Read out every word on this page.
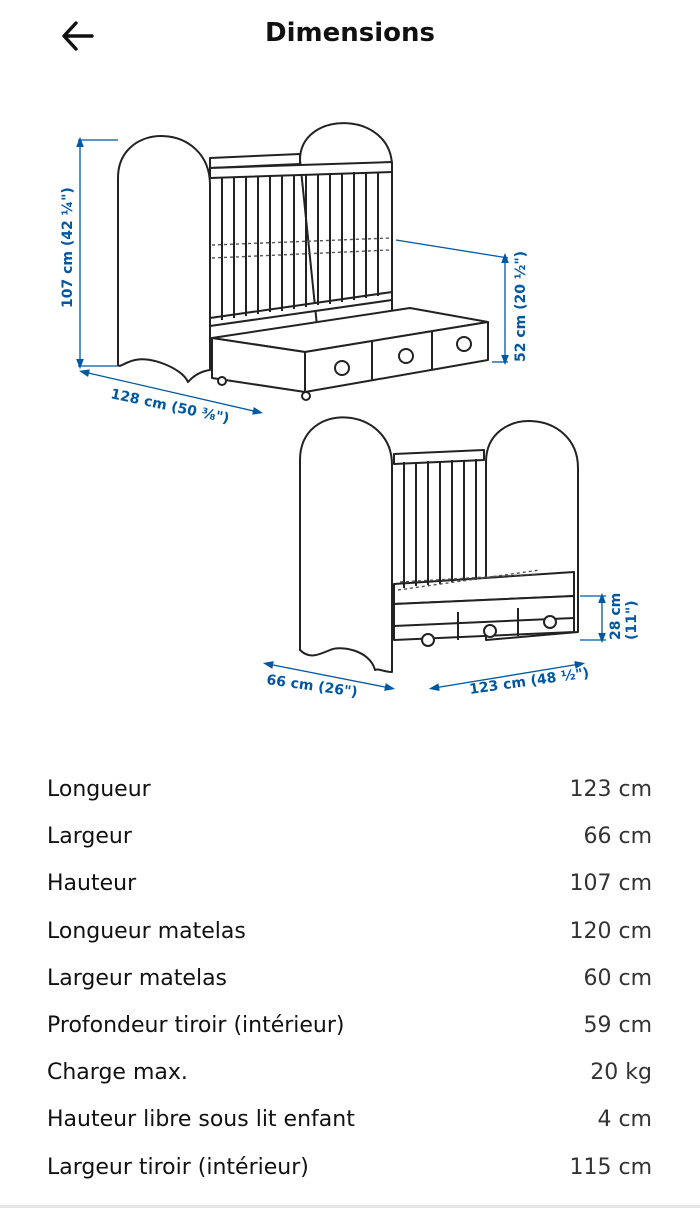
Dimensions
107 cm (42 ¼")
128 cm (50 ⅜")
52 cm (20 ½")
66 cm (26")	123 cm (48 ½")
28 cm(11")
Longueur	123 cm
Largeur	66 cm
Hauteur	107 cm
Longueur matelas	120 cm
Largeur matelas	60 cm
Profondeur tiroir (intérieur)	59 cm
Charge max.	20 kg
Hauteur libre sous lit enfant	4 cm
Largeur tiroir (intérieur)	115 cm
